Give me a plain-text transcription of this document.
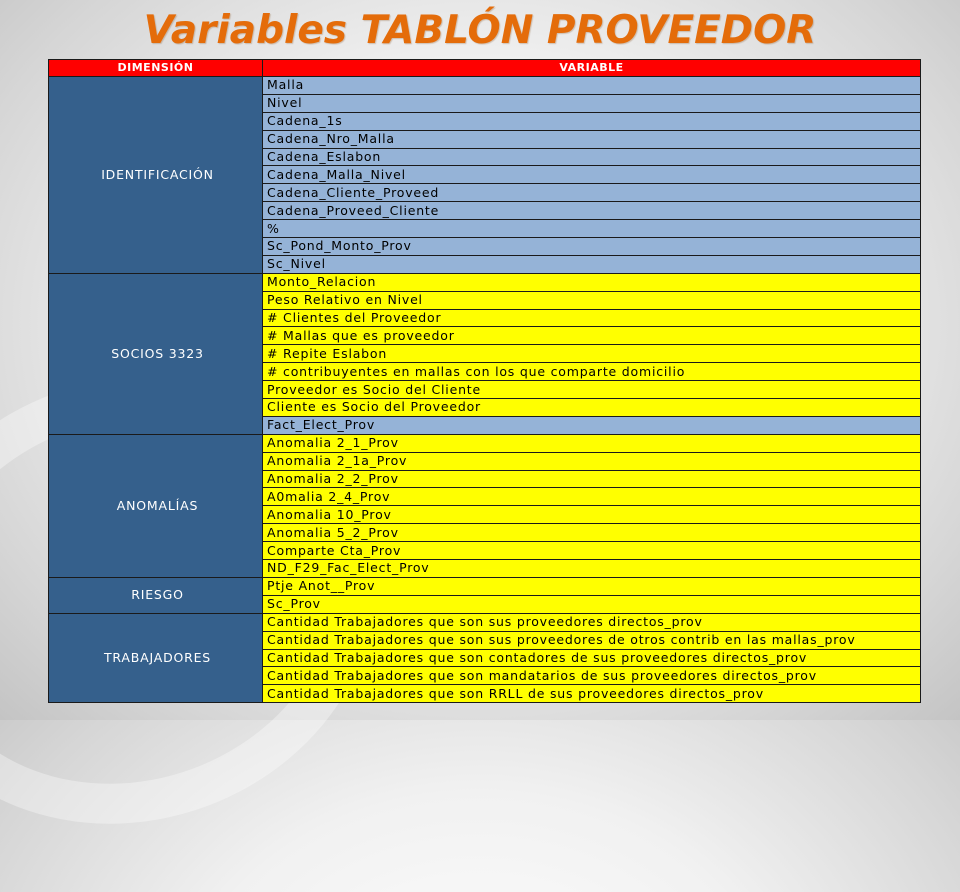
Variables TABLÓN PROVEEDOR
DIMENSIÓN	VARIABLE
IDENTIFICACIÓN	Malla
	Nivel
	Cadena_1s
	Cadena_Nro_Malla
	Cadena_Eslabon
	Cadena_Malla_Nivel
	Cadena_Cliente_Proveed
	Cadena_Proveed_Cliente
	%
	Sc_Pond_Monto_Prov
	Sc_Nivel
SOCIOS 3323	Monto_Relacion
	Peso Relativo en Nivel
	# Clientes del Proveedor
	# Mallas que es proveedor
	# Repite Eslabon
	# contribuyentes en mallas con los que comparte domicilio
	Proveedor es Socio del Cliente
	Cliente es Socio del Proveedor
	Fact_Elect_Prov
ANOMALÍAS	Anomalia 2_1_Prov
	Anomalia 2_1a_Prov
	Anomalia 2_2_Prov
	A0malia 2_4_Prov
	Anomalia 10_Prov
	Anomalia 5_2_Prov
	Comparte Cta_Prov
	ND_F29_Fac_Elect_Prov
RIESGO	Ptje Anot__Prov
	Sc_Prov
TRABAJADORES	Cantidad Trabajadores que son sus proveedores directos_prov
	Cantidad Trabajadores que son sus proveedores de otros contrib en las mallas_prov
	Cantidad Trabajadores que son contadores de sus proveedores directos_prov
	Cantidad Trabajadores que son mandatarios de sus proveedores directos_prov
	Cantidad Trabajadores que son RRLL de sus proveedores directos_prov
